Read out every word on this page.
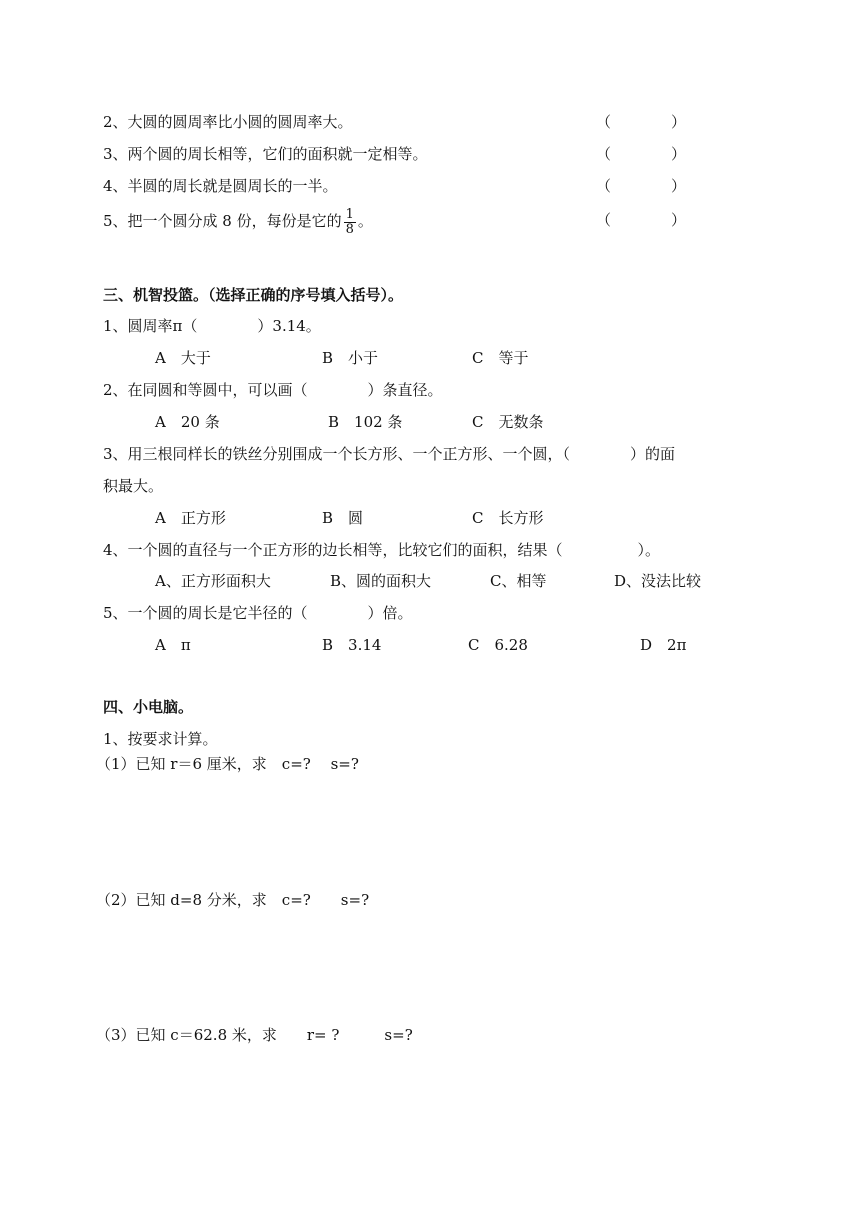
2、大圆的圆周率比小圆的圆周率大。	（　　　　）
3、两个圆的周长相等，它们的面积就一定相等。	（　　　　）
4、半圆的周长就是圆周长的一半。	（　　　　）
5、把一个圆分成 8 份，每份是它的 $\frac{1}{8}$ 。	（　　　　）
三、机智投篮。（选择正确的序号填入括号）。
1、圆周率π（　　　　）3.14。
A　大于	B　小于	C　等于
2、在同圆和等圆中，可以画（　　　　）条直径。
A　20 条	B　102 条	C　无数条
3、用三根同样长的铁丝分别围成一个长方形、一个正方形、一个圆，（　　　　）的面
积最大。
A　正方形	B　圆	C　长方形
4、一个圆的直径与一个正方形的边长相等，比较它们的面积，结果（　　　　　）。
A、正方形面积大	B、圆的面积大	C、相等	D、没法比较
5、一个圆的周长是它半径的（　　　　）倍。
A　π	B　3.14	C　6.28	D　2π
四、小电脑。
1、按要求计算。
（1）已知 r＝6 厘米，求　c=?　 s=?
（2）已知 d=8 分米，求　c=?　　s=?
（3）已知 c＝62.8 米，求　　r= ?　　　s=?
